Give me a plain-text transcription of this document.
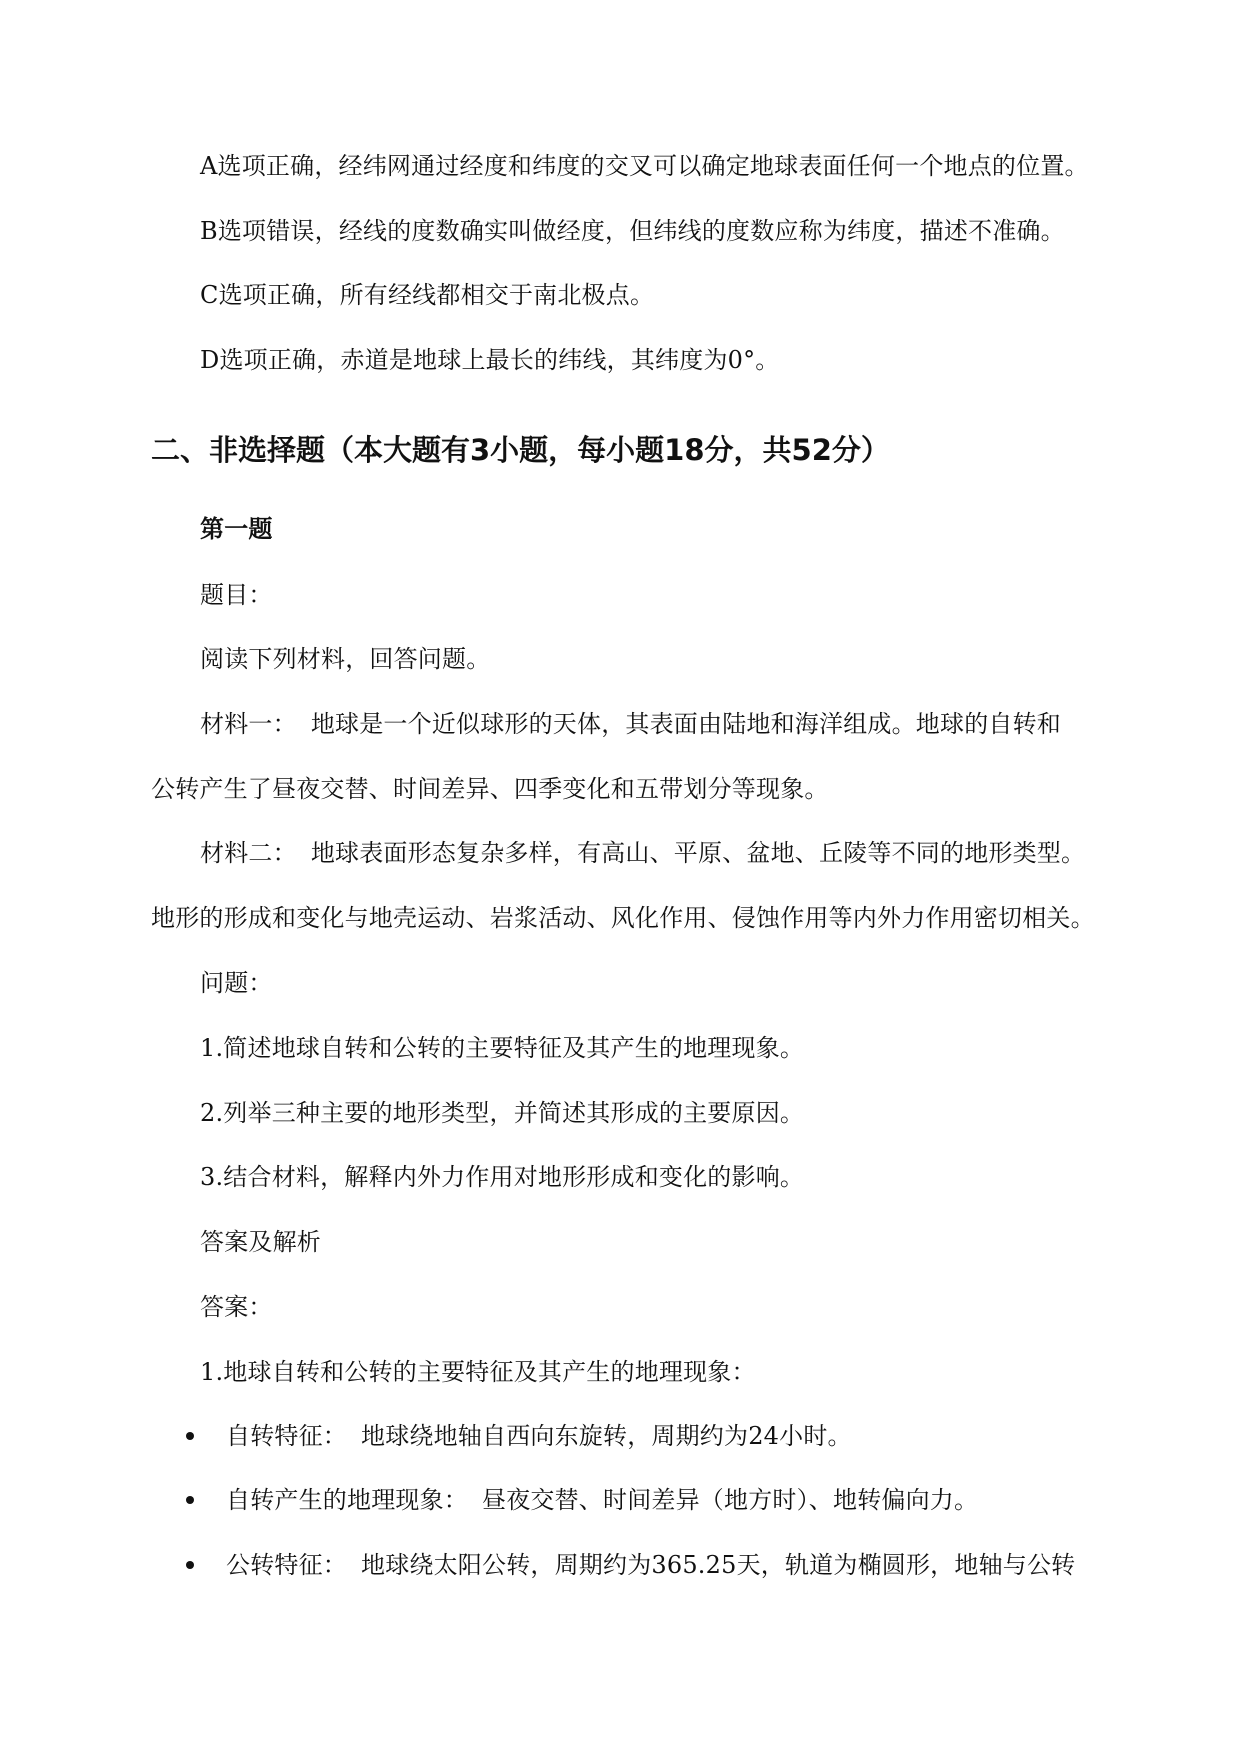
A选项正确，经纬网通过经度和纬度的交叉可以确定地球表面任何一个地点的位置。
B选项错误，经线的度数确实叫做经度，但纬线的度数应称为纬度，描述不准确。
C选项正确，所有经线都相交于南北极点。
D选项正确，赤道是地球上最长的纬线，其纬度为0°。
二、非选择题（本大题有3小题，每小题18分，共52分）
第一题
题目：
阅读下列材料，回答问题。
材料一： 地球是一个近似球形的天体，其表面由陆地和海洋组成。地球的自转和
公转产生了昼夜交替、时间差异、四季变化和五带划分等现象。
材料二： 地球表面形态复杂多样，有高山、平原、盆地、丘陵等不同的地形类型。
地形的形成和变化与地壳运动、岩浆活动、风化作用、侵蚀作用等内外力作用密切相关。
问题：
1.简述地球自转和公转的主要特征及其产生的地理现象。
2.列举三种主要的地形类型，并简述其形成的主要原因。
3.结合材料，解释内外力作用对地形形成和变化的影响。
答案及解析
答案：
1.地球自转和公转的主要特征及其产生的地理现象：
自转特征： 地球绕地轴自西向东旋转，周期约为24小时。
自转产生的地理现象： 昼夜交替、时间差异（地方时）、地转偏向力。
公转特征： 地球绕太阳公转，周期约为365.25天，轨道为椭圆形，地轴与公转
